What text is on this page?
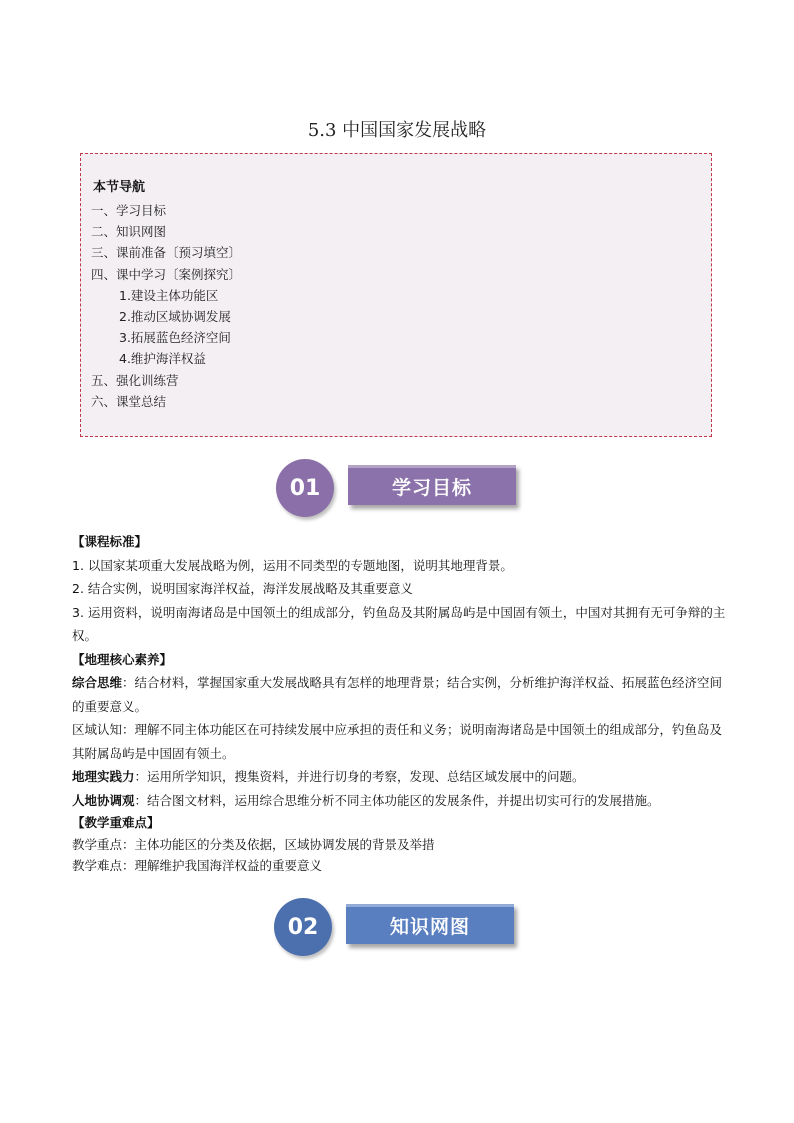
5.3 中国国家发展战略
本节导航
一、学习目标
二、知识网图
三、课前准备〔预习填空〕
四、课中学习〔案例探究〕
1.建设主体功能区
2.推动区域协调发展
3.拓展蓝色经济空间
4.维护海洋权益
五、强化训练营
六、课堂总结
01	学习目标

【课程标准】

1. 以国家某项重大发展战略为例，运用不同类型的专题地图，说明其地理背景。

2. 结合实例，说明国家海洋权益，海洋发展战略及其重要意义

3. 运用资料，说明南海诸岛是中国领土的组成部分，钓鱼岛及其附属岛屿是中国固有领土，中国对其拥有无可争辩的主权。

【地理核心素养】

综合思维：结合材料，掌握国家重大发展战略具有怎样的地理背景；结合实例，分析维护海洋权益、拓展蓝色经济空间的重要意义。

区域认知：理解不同主体功能区在可持续发展中应承担的责任和义务；说明南海诸岛是中国领土的组成部分，钓鱼岛及其附属岛屿是中国固有领土。

地理实践力：运用所学知识，搜集资料，并进行切身的考察，发现、总结区域发展中的问题。

人地协调观：结合图文材料，运用综合思维分析不同主体功能区的发展条件，并提出切实可行的发展措施。

【教学重难点】

教学重点：主体功能区的分类及依据，区域协调发展的背景及举措

教学难点：理解维护我国海洋权益的重要意义

02	知识网图
